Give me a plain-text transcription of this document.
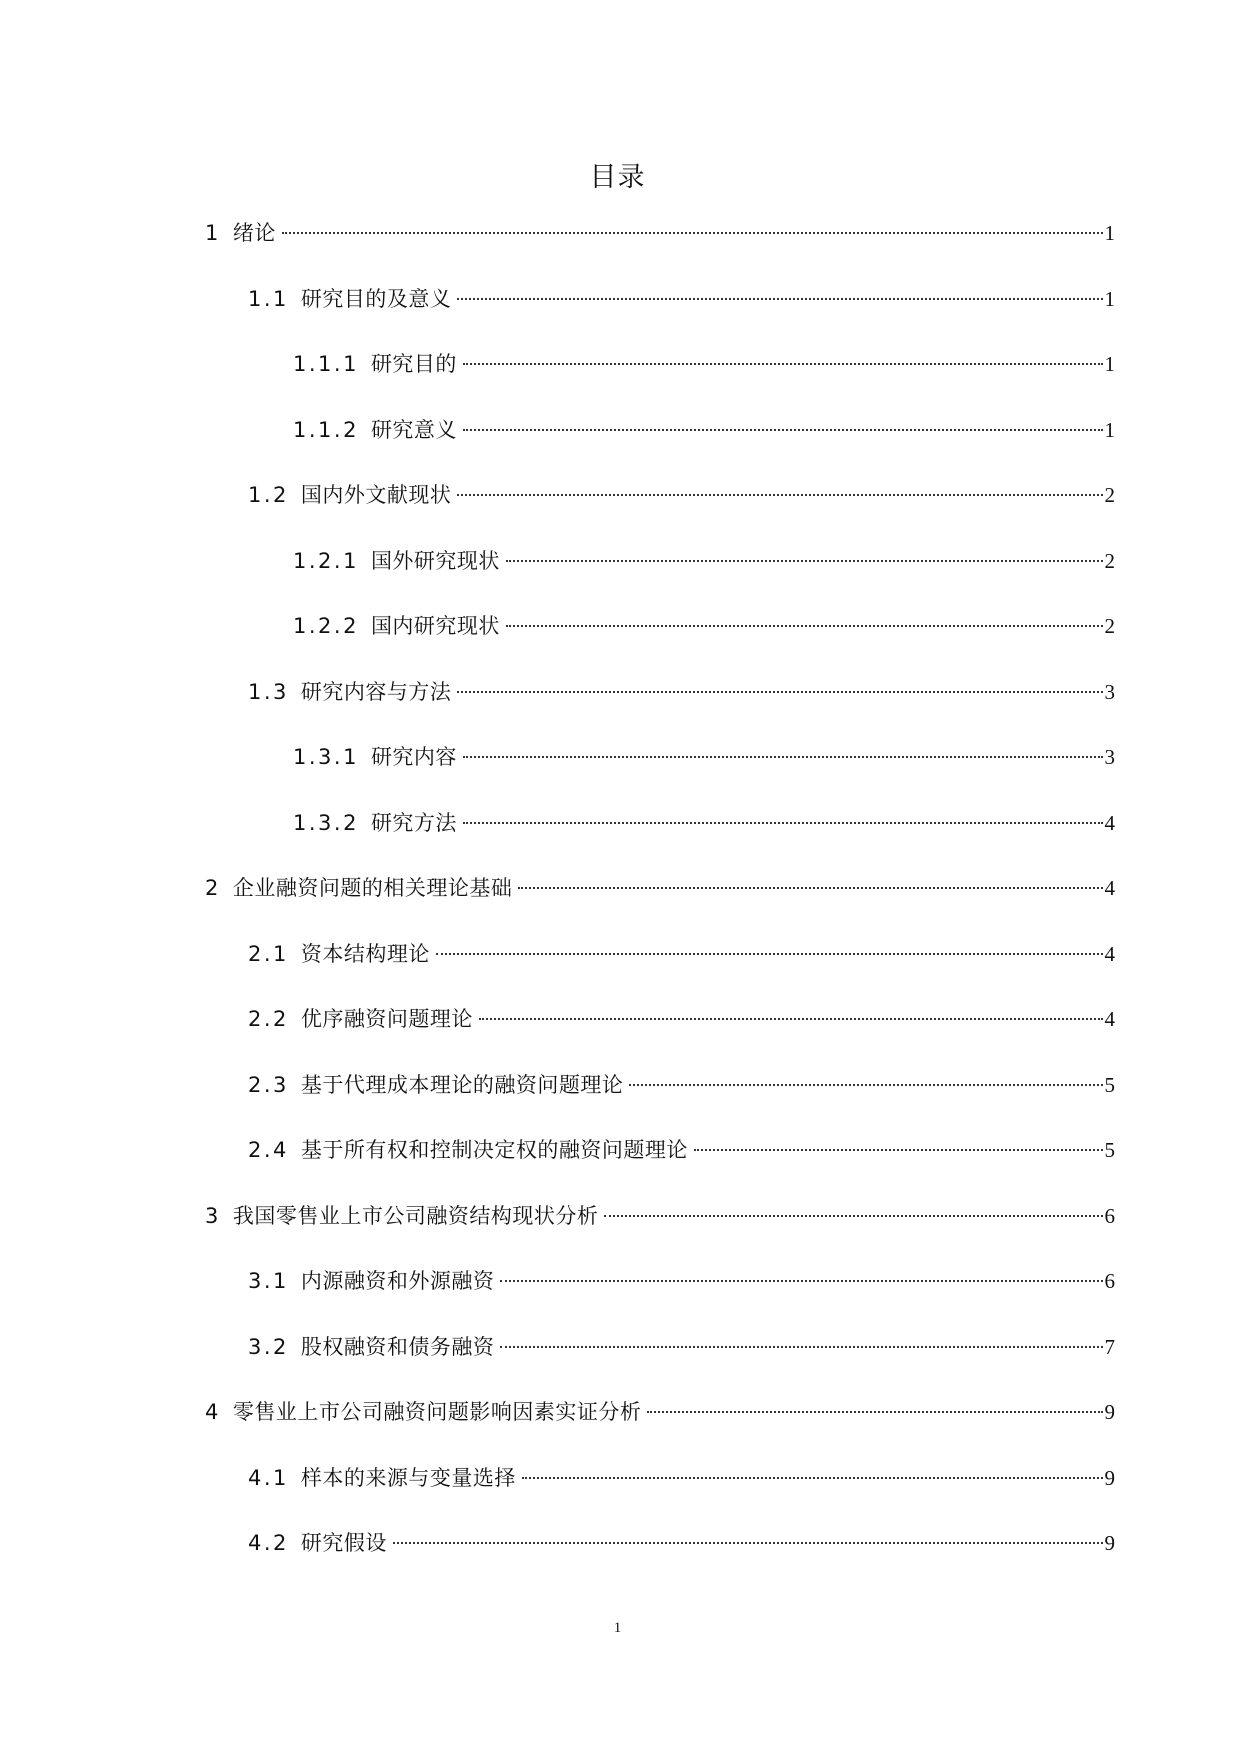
目录
1 绪论	1
1.1 研究目的及意义	1
1.1.1 研究目的	1
1.1.2 研究意义	1
1.2 国内外文献现状	2
1.2.1 国外研究现状	2
1.2.2 国内研究现状	2
1.3 研究内容与方法	3
1.3.1 研究内容	3
1.3.2 研究方法	4
2 企业融资问题的相关理论基础	4
2.1 资本结构理论	4
2.2 优序融资问题理论	4
2.3 基于代理成本理论的融资问题理论	5
2.4 基于所有权和控制决定权的融资问题理论	5
3 我国零售业上市公司融资结构现状分析	6
3.1 内源融资和外源融资	6
3.2 股权融资和债务融资	7
4 零售业上市公司融资问题影响因素实证分析	9
4.1 样本的来源与变量选择	9
4.2 研究假设	9
1
